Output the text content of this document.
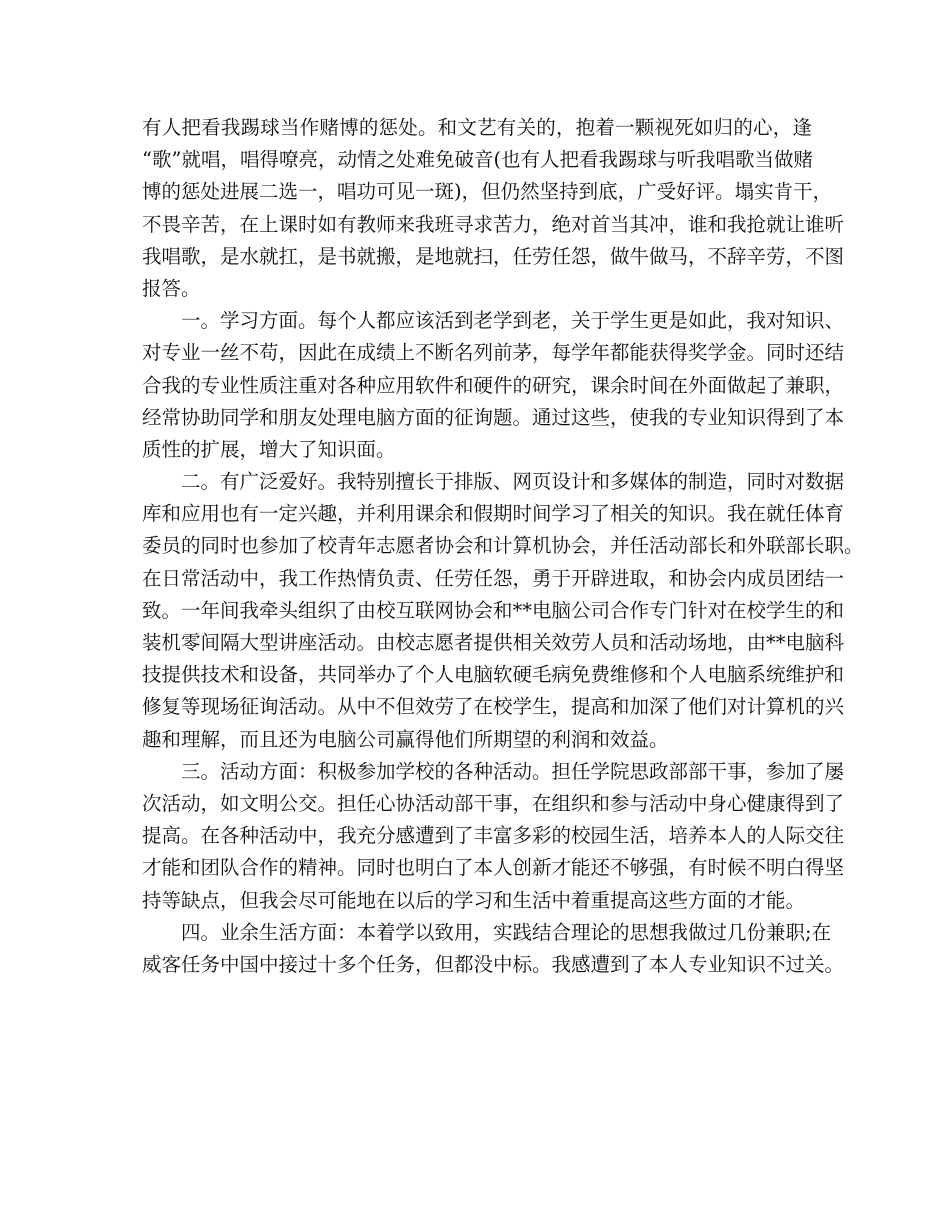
有人把看我踢球当作赌博的惩处。和文艺有关的，抱着一颗视死如归的心，逢
“歌”就唱，唱得嘹亮，动情之处难免破音(也有人把看我踢球与听我唱歌当做赌
博的惩处进展二选一，唱功可见一斑)，但仍然坚持到底，广受好评。塌实肯干，
不畏辛苦，在上课时如有教师来我班寻求苦力，绝对首当其冲，谁和我抢就让谁听
我唱歌，是水就扛，是书就搬，是地就扫，任劳任怨，做牛做马，不辞辛劳，不图
报答。
一。学习方面。每个人都应该活到老学到老，关于学生更是如此，我对知识、
对专业一丝不苟，因此在成绩上不断名列前茅，每学年都能获得奖学金。同时还结
合我的专业性质注重对各种应用软件和硬件的研究，课余时间在外面做起了兼职，
经常协助同学和朋友处理电脑方面的征询题。通过这些，使我的专业知识得到了本
质性的扩展，增大了知识面。
二。有广泛爱好。我特别擅长于排版、网页设计和多媒体的制造，同时对数据
库和应用也有一定兴趣，并利用课余和假期时间学习了相关的知识。我在就任体育
委员的同时也参加了校青年志愿者协会和计算机协会，并任活动部长和外联部长职。
在日常活动中，我工作热情负责、任劳任怨，勇于开辟进取，和协会内成员团结一
致。一年间我牵头组织了由校互联网协会和**电脑公司合作专门针对在校学生的和
装机零间隔大型讲座活动。由校志愿者提供相关效劳人员和活动场地，由**电脑科
技提供技术和设备，共同举办了个人电脑软硬毛病免费维修和个人电脑系统维护和
修复等现场征询活动。从中不但效劳了在校学生，提高和加深了他们对计算机的兴
趣和理解，而且还为电脑公司赢得他们所期望的利润和效益。
三。活动方面：积极参加学校的各种活动。担任学院思政部部干事，参加了屡
次活动，如文明公交。担任心协活动部干事，在组织和参与活动中身心健康得到了
提高。在各种活动中，我充分感遭到了丰富多彩的校园生活，培养本人的人际交往
才能和团队合作的精神。同时也明白了本人创新才能还不够强，有时候不明白得坚
持等缺点，但我会尽可能地在以后的学习和生活中着重提高这些方面的才能。
四。业余生活方面：本着学以致用，实践结合理论的思想我做过几份兼职;在
威客任务中国中接过十多个任务，但都没中标。我感遭到了本人专业知识不过关。
